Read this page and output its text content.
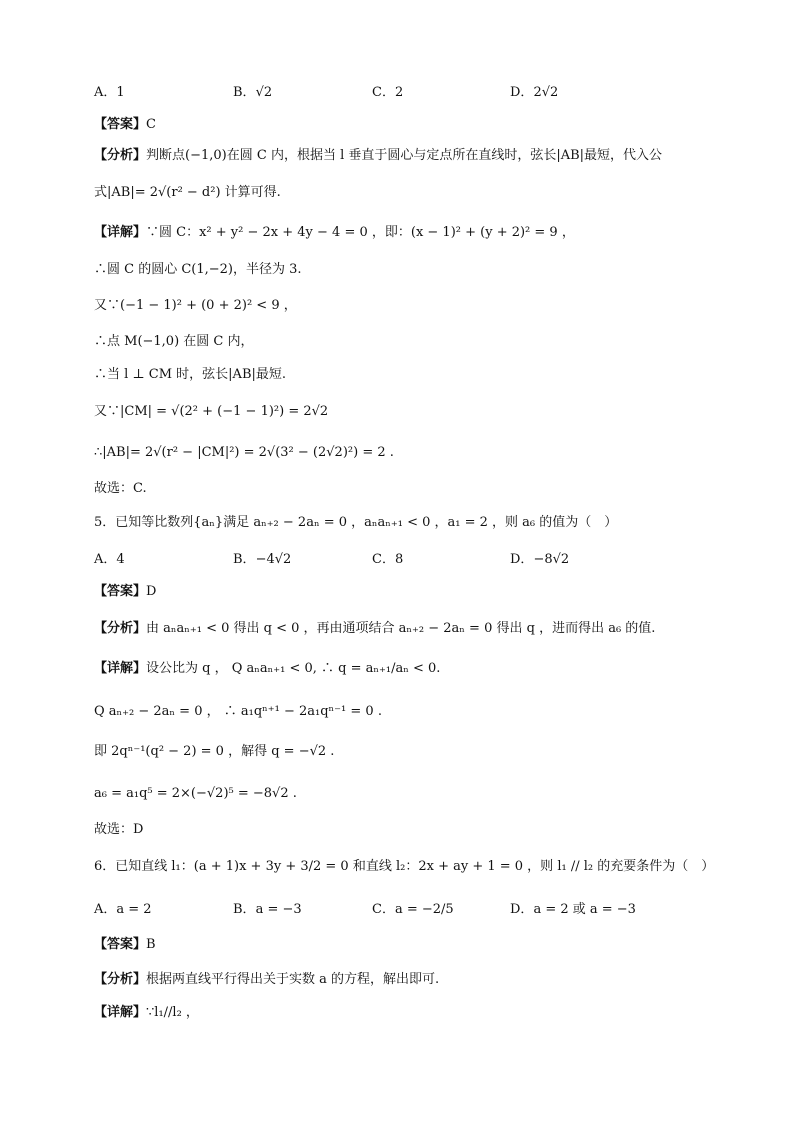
A．1	B．√2	C．2	D．2√2
【答案】C
【分析】判断点(−1,0)在圆 C 内，根据当 l 垂直于圆心与定点所在直线时，弦长|AB|最短，代入公
式|AB|= 2√(r² − d²) 计算可得.
【详解】∵圆 C：x² + y² − 2x + 4y − 4 = 0 ，即：(x − 1)² + (y + 2)² = 9 ，
∴圆 C 的圆心 C(1,−2)，半径为 3.
又∵(−1 − 1)² + (0 + 2)² < 9 ，
∴点 M(−1,0) 在圆 C 内，
∴当 l ⊥ CM 时，弦长|AB|最短.
又∵|CM| = √(2² + (−1 − 1)²) = 2√2
∴|AB|= 2√(r² − |CM|²) = 2√(3² − (2√2)²) = 2 .
故选：C.
5．已知等比数列{aₙ}满足 aₙ₊₂ − 2aₙ = 0 ，aₙaₙ₊₁ < 0 ，a₁ = 2 ，则 a₆ 的值为（　）
A．4	B．−4√2	C．8	D．−8√2
【答案】D
【分析】由 aₙaₙ₊₁ < 0 得出 q < 0 ，再由通项结合 aₙ₊₂ − 2aₙ = 0 得出 q ，进而得出 a₆ 的值.
【详解】设公比为 q ， Q aₙaₙ₊₁ < 0, ∴ q = aₙ₊₁/aₙ < 0.
Q aₙ₊₂ − 2aₙ = 0 ， ∴ a₁qⁿ⁺¹ − 2a₁qⁿ⁻¹ = 0 .
即 2qⁿ⁻¹(q² − 2) = 0 ，解得 q = −√2 .
a₆ = a₁q⁵ = 2×(−√2)⁵ = −8√2 .
故选：D
6．已知直线 l₁：(a + 1)x + 3y + 3/2 = 0 和直线 l₂：2x + ay + 1 = 0 ，则 l₁ // l₂ 的充要条件为（　）
A．a = 2	B．a = −3	C．a = −2/5	D．a = 2 或 a = −3
【答案】B
【分析】根据两直线平行得出关于实数 a 的方程，解出即可.
【详解】∵l₁//l₂ ，
